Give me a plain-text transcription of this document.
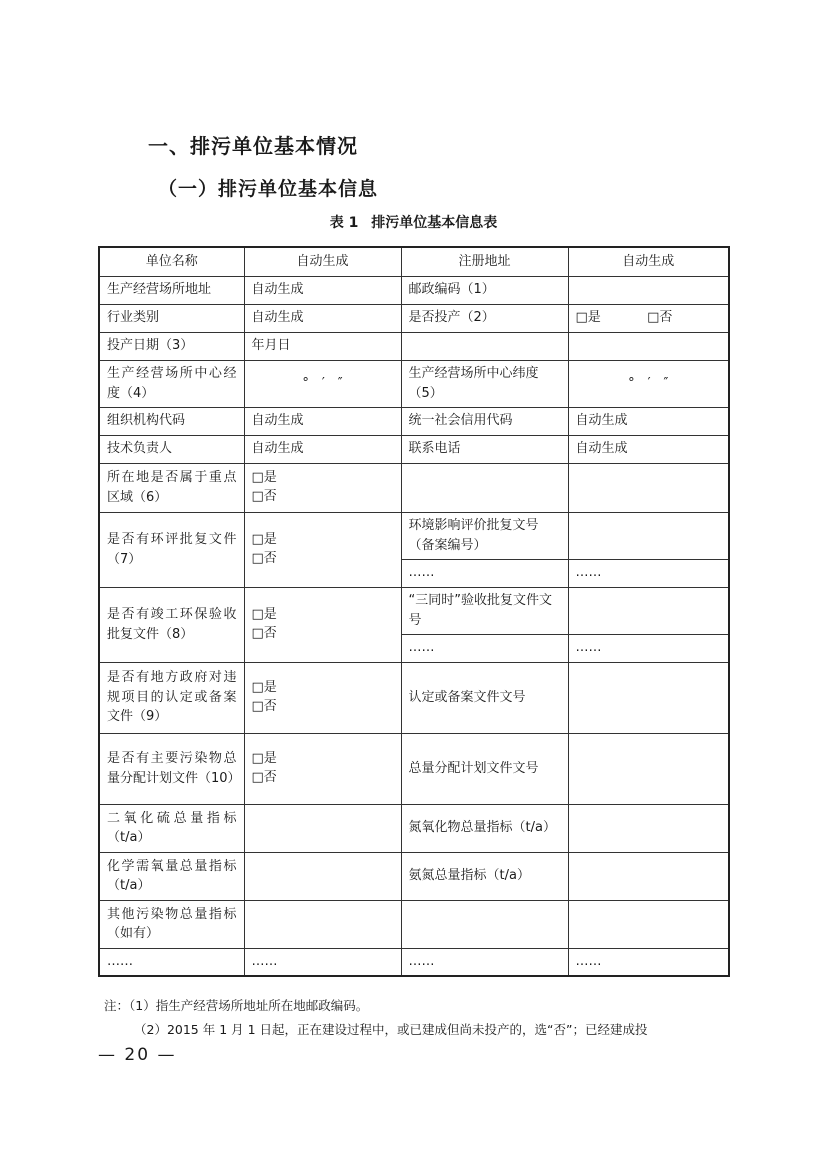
一、排污单位基本情况
（一）排污单位基本信息
表 1 排污单位基本信息表
单位名称	自动生成	注册地址	自动生成
生产经营场所地址	自动生成	邮政编码（1）	
行业类别	自动生成	是否投产（2）	□是 □否
投产日期（3）	年月日		
生产经营场所中心经度（4）	°　′　″	生产经营场所中心纬度（5）	°　′　″
组织机构代码	自动生成	统一社会信用代码	自动生成
技术负责人	自动生成	联系电话	自动生成
所在地是否属于重点区域（6）	□是
□否		

是否有环评批复文件（7）	□是
□否	环境影响评价批复文号（备案编号）	
		……	……
是否有竣工环保验收批复文件（8）	□是
□否	“三同时”验收批复文件文号	
		……	……
是否有地方政府对违规项目的认定或备案文件（9）	□是
□否	认定或备案文件文号	
是否有主要污染物总量分配计划文件（10）	□是
□否	总量分配计划文件文号	
二氧化硫总量指标（t/a）		氮氧化物总量指标（t/a）	
化学需氧量总量指标（t/a）		氨氮总量指标（t/a）	
其他污染物总量指标（如有）			
……	……	……	……
注：（1）指生产经营场所地址所在地邮政编码。
（2）2015 年 1 月 1 日起，正在建设过程中，或已建成但尚未投产的，选“否”；已经建成投
— 20 —
